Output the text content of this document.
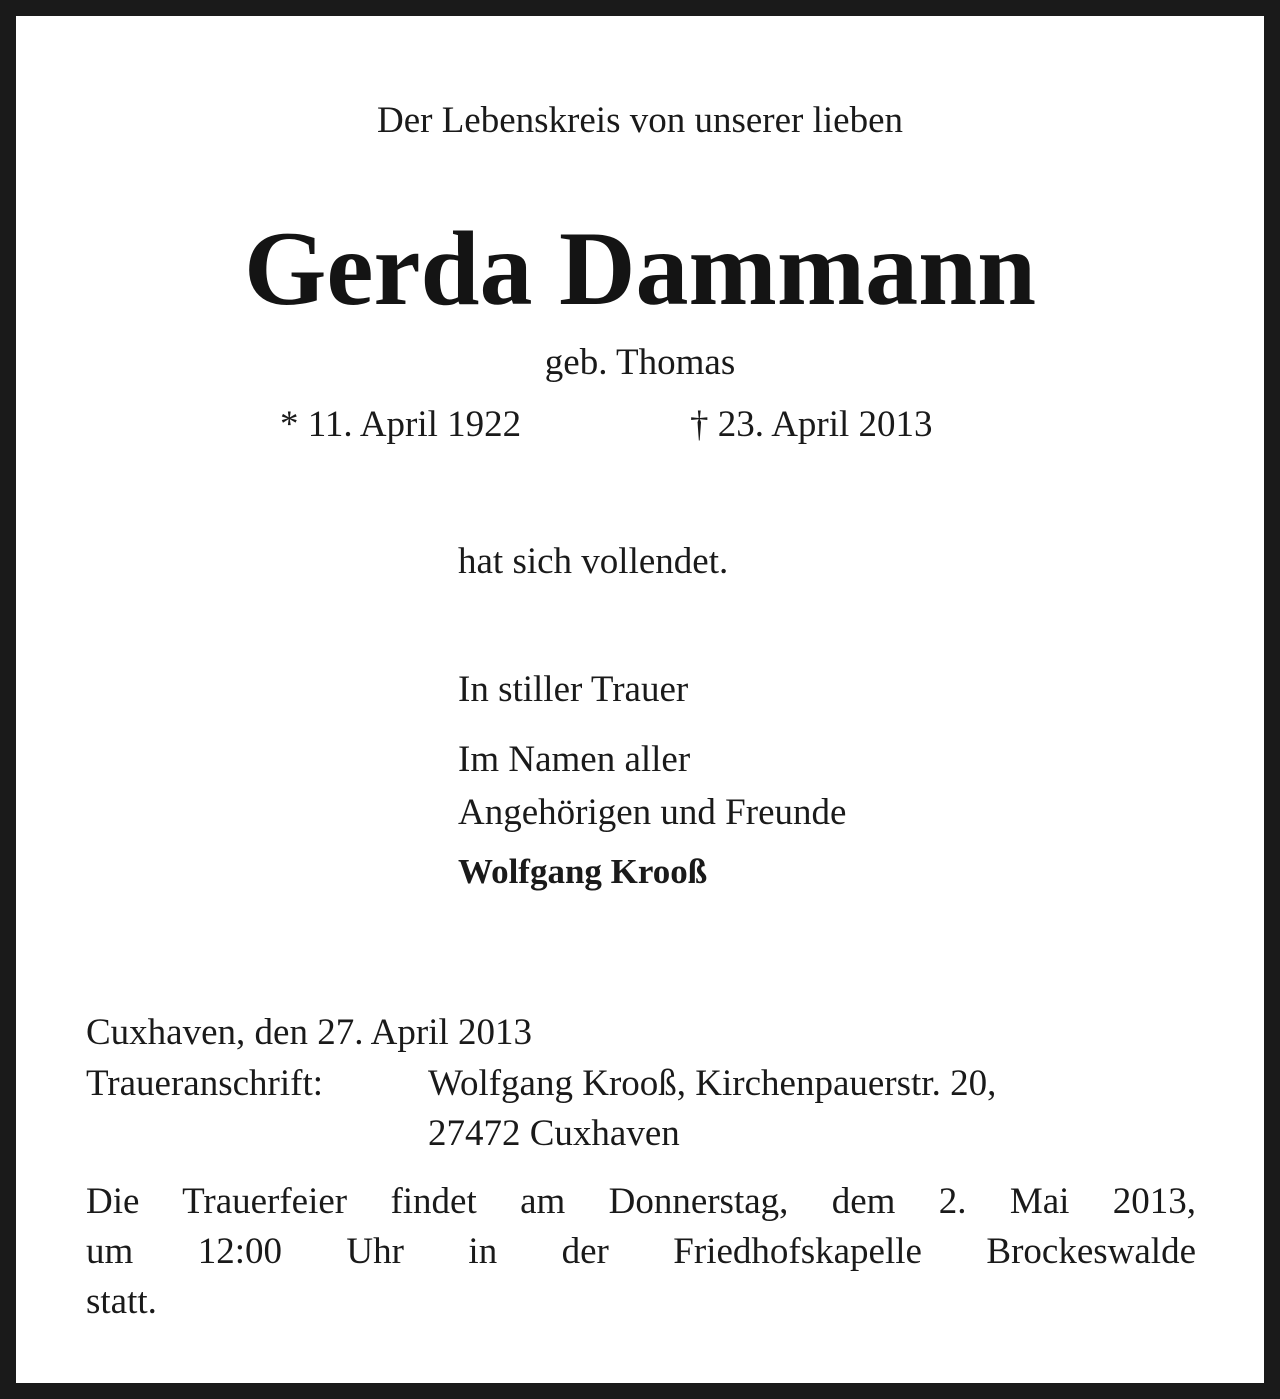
Der Lebenskreis von unserer lieben
Gerda Dammann
geb. Thomas
* 11. April 1922	† 23. April 2013
hat sich vollendet.
In stiller Trauer
Im Namen aller
Angehörigen und Freunde
Wolfgang Krooß
Cuxhaven, den 27. April 2013
Traueranschrift:	Wolfgang Krooß, Kirchenpauerstr. 20,
27472 Cuxhaven
Die Trauerfeier findet am Donnerstag, dem 2. Mai 2013,
um 12:00 Uhr in der Friedhofskapelle Brockeswalde
statt.
